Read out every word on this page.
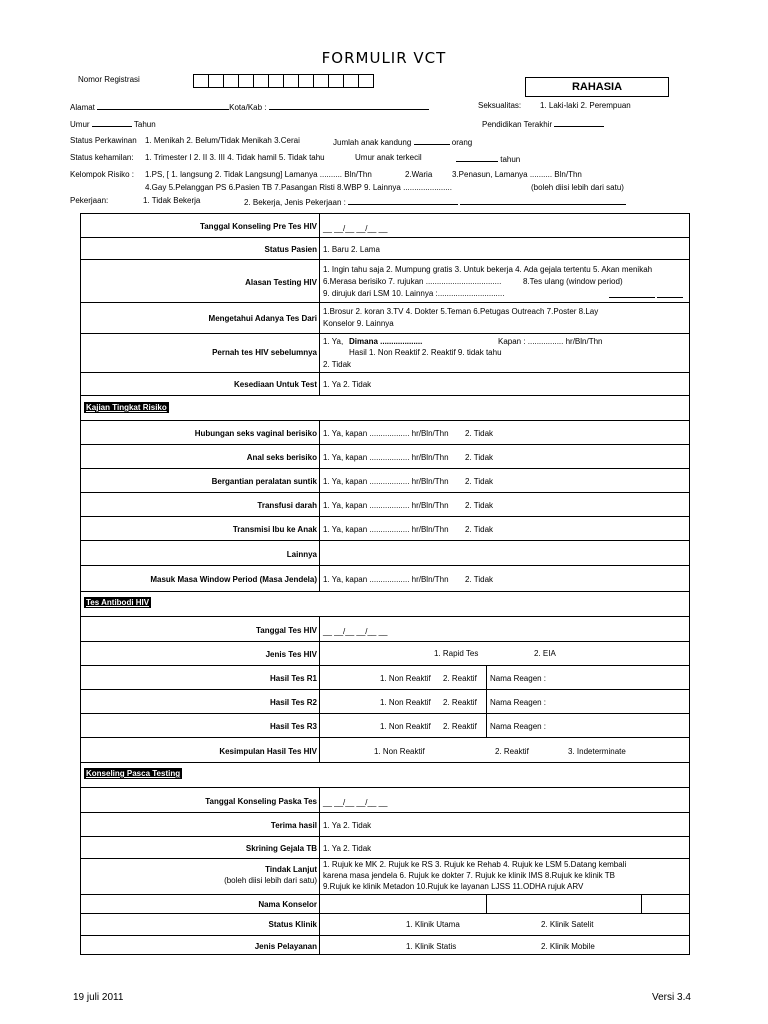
FORMULIR VCT
RAHASIA
Nomor Registrasi
Alamat	Kota/Kab :	Seksualitas: 1. Laki-laki 2. Perempuan
Umur	Tahun	Pendidikan Terakhir
Status Perkawinan 1. Menikah 2. Belum/Tidak Menikah 3.Cerai	Jumlah anak kandung	orang
Status kehamilan: 1. Trimester I 2. II 3. III 4. Tidak hamil 5. Tidak tahu	Umur anak terkecil	tahun
Kelompok Risiko : 1.PS, [ 1. langsung 2. Tidak Langsung] Lamanya .......... Bln/Thn	2.Waria 3.Penasun, Lamanya .......... Bln/Thn
4.Gay 5.Pelanggan PS 6.Pasien TB 7.Pasangan Risti 8.WBP 9. Lainnya ......................	(boleh diisi lebih dari satu)
Pekerjaan:	1. Tidak Bekerja	2. Bekerja, Jenis Pekerjaan :
Tanggal Konseling Pre Tes HIV __ __/__ __/__ __
Status Pasien 1. Baru 2. Lama
Alasan Testing HIV
1. Ingin tahu saja 2. Mumpung gratis 3. Untuk bekerja 4. Ada gejala tertentu 5. Akan menikah
6.Merasa berisiko 7. rujukan ..................................	8.Tes ulang (window period)
9. dirujuk dari LSM 10. Lainnya :..............................

Mengetahui Adanya Tes Dari
1.Brosur 2. koran 3.TV 4. Dokter 5.Teman 6.Petugas Outreach 7.Poster 8.Lay
Konselor 9. Lainnya
Pernah tes HIV sebelumnya
1. Ya, Dimana ...................	Kapan : ................ hr/Bln/Thn
Hasil 1. Non Reaktif 2. Reaktif 9. tidak tahu
2. Tidak
Kesediaan Untuk Test 1. Ya 2. Tidak
Kajian Tingkat Risiko
Hubungan seks vaginal berisiko 1. Ya, kapan .................. hr/Bln/Thn 2. Tidak
Anal seks berisiko 1. Ya, kapan .................. hr/Bln/Thn 2. Tidak
Bergantian peralatan suntik 1. Ya, kapan .................. hr/Bln/Thn 2. Tidak
Transfusi darah 1. Ya, kapan .................. hr/Bln/Thn 2. Tidak
Transmisi Ibu ke Anak 1. Ya, kapan .................. hr/Bln/Thn 2. Tidak
Lainnya
Masuk Masa Window Period (Masa Jendela) 1. Ya, kapan .................. hr/Bln/Thn 2. Tidak
Tes Antibodi HIV
Tanggal Tes HIV __ __/__ __/__ __
Jenis Tes HIV	1. Rapid Tes	2. EIA
Hasil Tes R1	1. Non Reaktif 2. Reaktif Nama Reagen :
Hasil Tes R2	1. Non Reaktif 2. Reaktif Nama Reagen :
Hasil Tes R3	1. Non Reaktif 2. Reaktif Nama Reagen :
Kesimpulan Hasil Tes HIV	1. Non Reaktif	2. Reaktif	3. Indeterminate
Konseling Pasca Testing
Tanggal Konseling Paska Tes __ __/__ __/__ __
Terima hasil 1. Ya 2. Tidak
Skrining Gejala TB 1. Ya 2. Tidak
Tindak Lanjut
(boleh diisi lebih dari satu)
1. Rujuk ke MK 2. Rujuk ke RS 3. Rujuk ke Rehab 4. Rujuk ke LSM 5.Datang kembali
karena masa jendela 6. Rujuk ke dokter 7. Rujuk ke klinik IMS 8.Rujuk ke klinik TB
9.Rujuk ke klinik Metadon 10.Rujuk ke layanan LJSS 11.ODHA rujuk ARV
Nama Konselor
Status Klinik	1. Klinik Utama	2. Klinik Satelit
Jenis Pelayanan	1. Klinik Statis	2. Klinik Mobile
19 juli 2011	Versi 3.4
